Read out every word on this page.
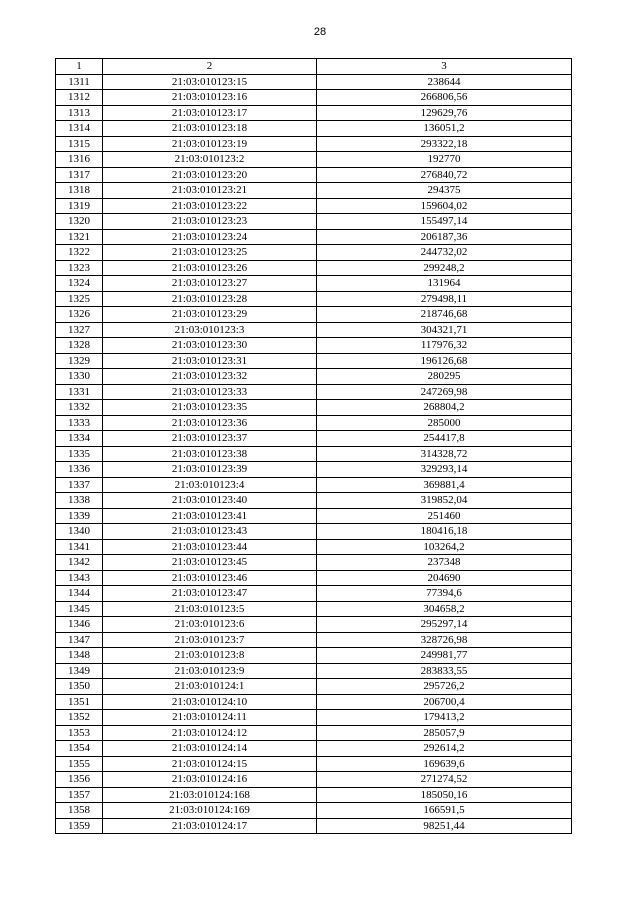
28
1	2	3
1311	21:03:010123:15	238644
1312	21:03:010123:16	266806,56
1313	21:03:010123:17	129629,76
1314	21:03:010123:18	136051,2
1315	21:03:010123:19	293322,18
1316	21:03:010123:2	192770
1317	21:03:010123:20	276840,72
1318	21:03:010123:21	294375
1319	21:03:010123:22	159604,02
1320	21:03:010123:23	155497,14
1321	21:03:010123:24	206187,36
1322	21:03:010123:25	244732,02
1323	21:03:010123:26	299248,2
1324	21:03:010123:27	131964
1325	21:03:010123:28	279498,11
1326	21:03:010123:29	218746,68
1327	21:03:010123:3	304321,71
1328	21:03:010123:30	117976,32
1329	21:03:010123:31	196126,68
1330	21:03:010123:32	280295
1331	21:03:010123:33	247269,98
1332	21:03:010123:35	268804,2
1333	21:03:010123:36	285000
1334	21:03:010123:37	254417,8
1335	21:03:010123:38	314328,72
1336	21:03:010123:39	329293,14
1337	21:03:010123:4	369881,4
1338	21:03:010123:40	319852,04
1339	21:03:010123:41	251460
1340	21:03:010123:43	180416,18
1341	21:03:010123:44	103264,2
1342	21:03:010123:45	237348
1343	21:03:010123:46	204690
1344	21:03:010123:47	77394,6
1345	21:03:010123:5	304658,2
1346	21:03:010123:6	295297,14
1347	21:03:010123:7	328726,98
1348	21:03:010123:8	249981,77
1349	21:03:010123:9	283833,55
1350	21:03:010124:1	295726,2
1351	21:03:010124:10	206700,4
1352	21:03:010124:11	179413,2
1353	21:03:010124:12	285057,9
1354	21:03:010124:14	292614,2
1355	21:03:010124:15	169639,6
1356	21:03:010124:16	271274,52
1357	21:03:010124:168	185050,16
1358	21:03:010124:169	166591,5
1359	21:03:010124:17	98251,44
